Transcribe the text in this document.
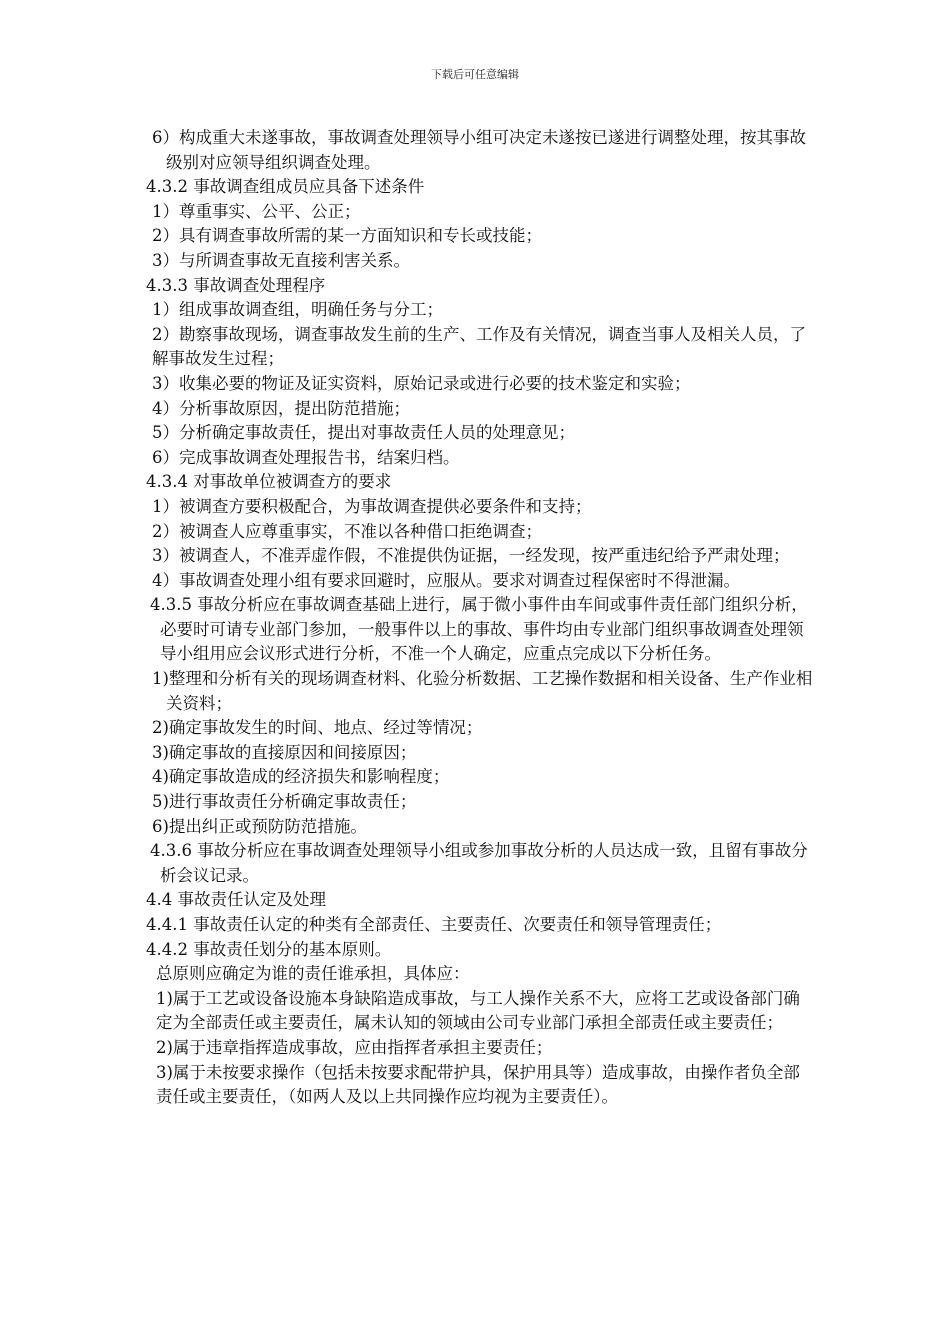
下载后可任意编辑

6）构成重大未遂事故，事故调查处理领导小组可决定未遂按已遂进行调整处理，按其事故级别对应领导组织调查处理。

4.3.2 事故调查组成员应具备下述条件

1）尊重事实、公平、公正；

2）具有调查事故所需的某一方面知识和专长或技能；

3）与所调查事故无直接利害关系。

4.3.3 事故调查处理程序

1）组成事故调查组，明确任务与分工；

2）勘察事故现场，调查事故发生前的生产、工作及有关情况，调查当事人及相关人员，了解事故发生过程；

3）收集必要的物证及证实资料，原始记录或进行必要的技术鉴定和实验；

4）分析事故原因，提出防范措施；

5）分析确定事故责任，提出对事故责任人员的处理意见；

6）完成事故调查处理报告书，结案归档。

4.3.4 对事故单位被调查方的要求

1）被调查方要积极配合，为事故调查提供必要条件和支持；

2）被调查人应尊重事实，不准以各种借口拒绝调查；

3）被调查人，不准弄虚作假，不准提供伪证据，一经发现，按严重违纪给予严肃处理；

4）事故调查处理小组有要求回避时，应服从。要求对调查过程保密时不得泄漏。

4.3.5 事故分析应在事故调查基础上进行，属于微小事件由车间或事件责任部门组织分析，必要时可请专业部门参加，一般事件以上的事故、事件均由专业部门组织事故调查处理领导小组用应会议形式进行分析，不准一个人确定，应重点完成以下分析任务。

1)整理和分析有关的现场调查材料、化验分析数据、工艺操作数据和相关设备、生产作业相关资料；

2)确定事故发生的时间、地点、经过等情况；

3)确定事故的直接原因和间接原因；

4)确定事故造成的经济损失和影响程度；

5)进行事故责任分析确定事故责任；

6)提出纠正或预防防范措施。

4.3.6 事故分析应在事故调查处理领导小组或参加事故分析的人员达成一致，且留有事故分析会议记录。

4.4 事故责任认定及处理

4.4.1 事故责任认定的种类有全部责任、主要责任、次要责任和领导管理责任；

4.4.2 事故责任划分的基本原则。

总原则应确定为谁的责任谁承担，具体应：

1)属于工艺或设备设施本身缺陷造成事故，与工人操作关系不大，应将工艺或设备部门确定为全部责任或主要责任，属未认知的领域由公司专业部门承担全部责任或主要责任；

2)属于违章指挥造成事故，应由指挥者承担主要责任；

3)属于未按要求操作（包括未按要求配带护具，保护用具等）造成事故，由操作者负全部责任或主要责任，（如两人及以上共同操作应均视为主要责任）。
